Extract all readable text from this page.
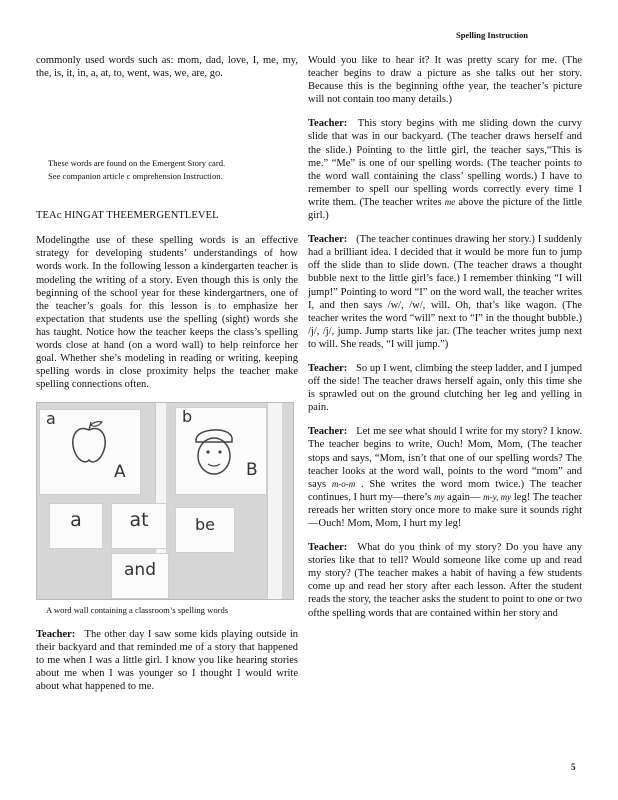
Spelling Instruction

commonly used words such as: mom, dad, love, I, me, my, the, is, it, in, a, at, to, went, was, we, are, go.

These words are found on the Emergent Story card.
See companion article c omprehension Instruction.
TEAc HINGAT THEEMERGENTLEVEL

Modelingthe use of these spelling words is an effective strategy for developing students’ understandings of how words work. In the following lesson a kindergarten teacher is modeling the writing of a story. Even though this is only the beginning of the school year for these kindergartners, one of the teacher’s goals for this lesson is to emphasize her expectation that students use the spelling (sight) words she has taught. Notice how the teacher keeps the class’s spelling words close at hand (on a word wall) to help reinforce her goal. Whether she’s modeling in reading or writing, keeping spelling words in close proximity helps the teacher make spelling connections often.

a
A
b
B
a	at	be
and
A word wall containing a classroom’s spelling words

Teacher: The other day I saw some kids playing outside in their backyard and that reminded me of a story that happened to me when I was a little girl. I know you like hearing stories about me when I was younger so I thought I would write about what happened to me.

Would you like to hear it? It was pretty scary for me. (The teacher begins to draw a picture as she talks out her story. Because this is the beginning ofthe year, the teacher’s picture will not contain too many details.)

Teacher: This story begins with me sliding down the curvy slide that was in our backyard. (The teacher draws herself and the slide.) Pointing to the little girl, the teacher says,“This is me.” “Me” is one of our spelling words. (The teacher points to the word wall containing the class’ spelling words.) I have to remember to spell our spelling words correctly every time I write them. (The teacher writes me above the picture of the little girl.)

Teacher: (The teacher continues drawing her story.) I suddenly had a brilliant idea. I decided that it would be more fun to jump off the slide than to slide down. (The teacher draws a thought bubble next to the little girl’s face.) I remember thinking “I will jump!” Pointing to word “I” on the word wall, the teacher writes I, and then says /w/, /w/, will. Oh, that’s like wagon. (The teacher writes the word “will” next to “I” in the thought bubble.) /j/, /j/, jump. Jump starts like jar. (The teacher writes jump next to will. She reads, “I will jump.”)

Teacher: So up I went, climbing the steep ladder, and I jumped off the side! The teacher draws herself again, only this time she is sprawled out on the ground clutching her leg and yelling in pain.

Teacher: Let me see what should I write for my story? I know. The teacher begins to write, Ouch! Mom, Mom, (The teacher stops and says, “Mom, isn’t that one of our spelling words? The teacher looks at the word wall, points to the word “mom” and says m-o-m . She writes the word mom twice.) The teacher continues, I hurt my—there’s my again— m-y, my leg! The teacher rereads her written story once more to make sure it sounds right—Ouch! Mom, Mom, I hurt my leg!

Teacher: What do you think of my story? Do you have any stories like that to tell? Would someone like come up and read my story? (The teacher makes a habit of having a few students come up and read her story after each lesson. After the student reads the story, the teacher asks the student to point to one or two ofthe spelling words that are contained within her story and

5
